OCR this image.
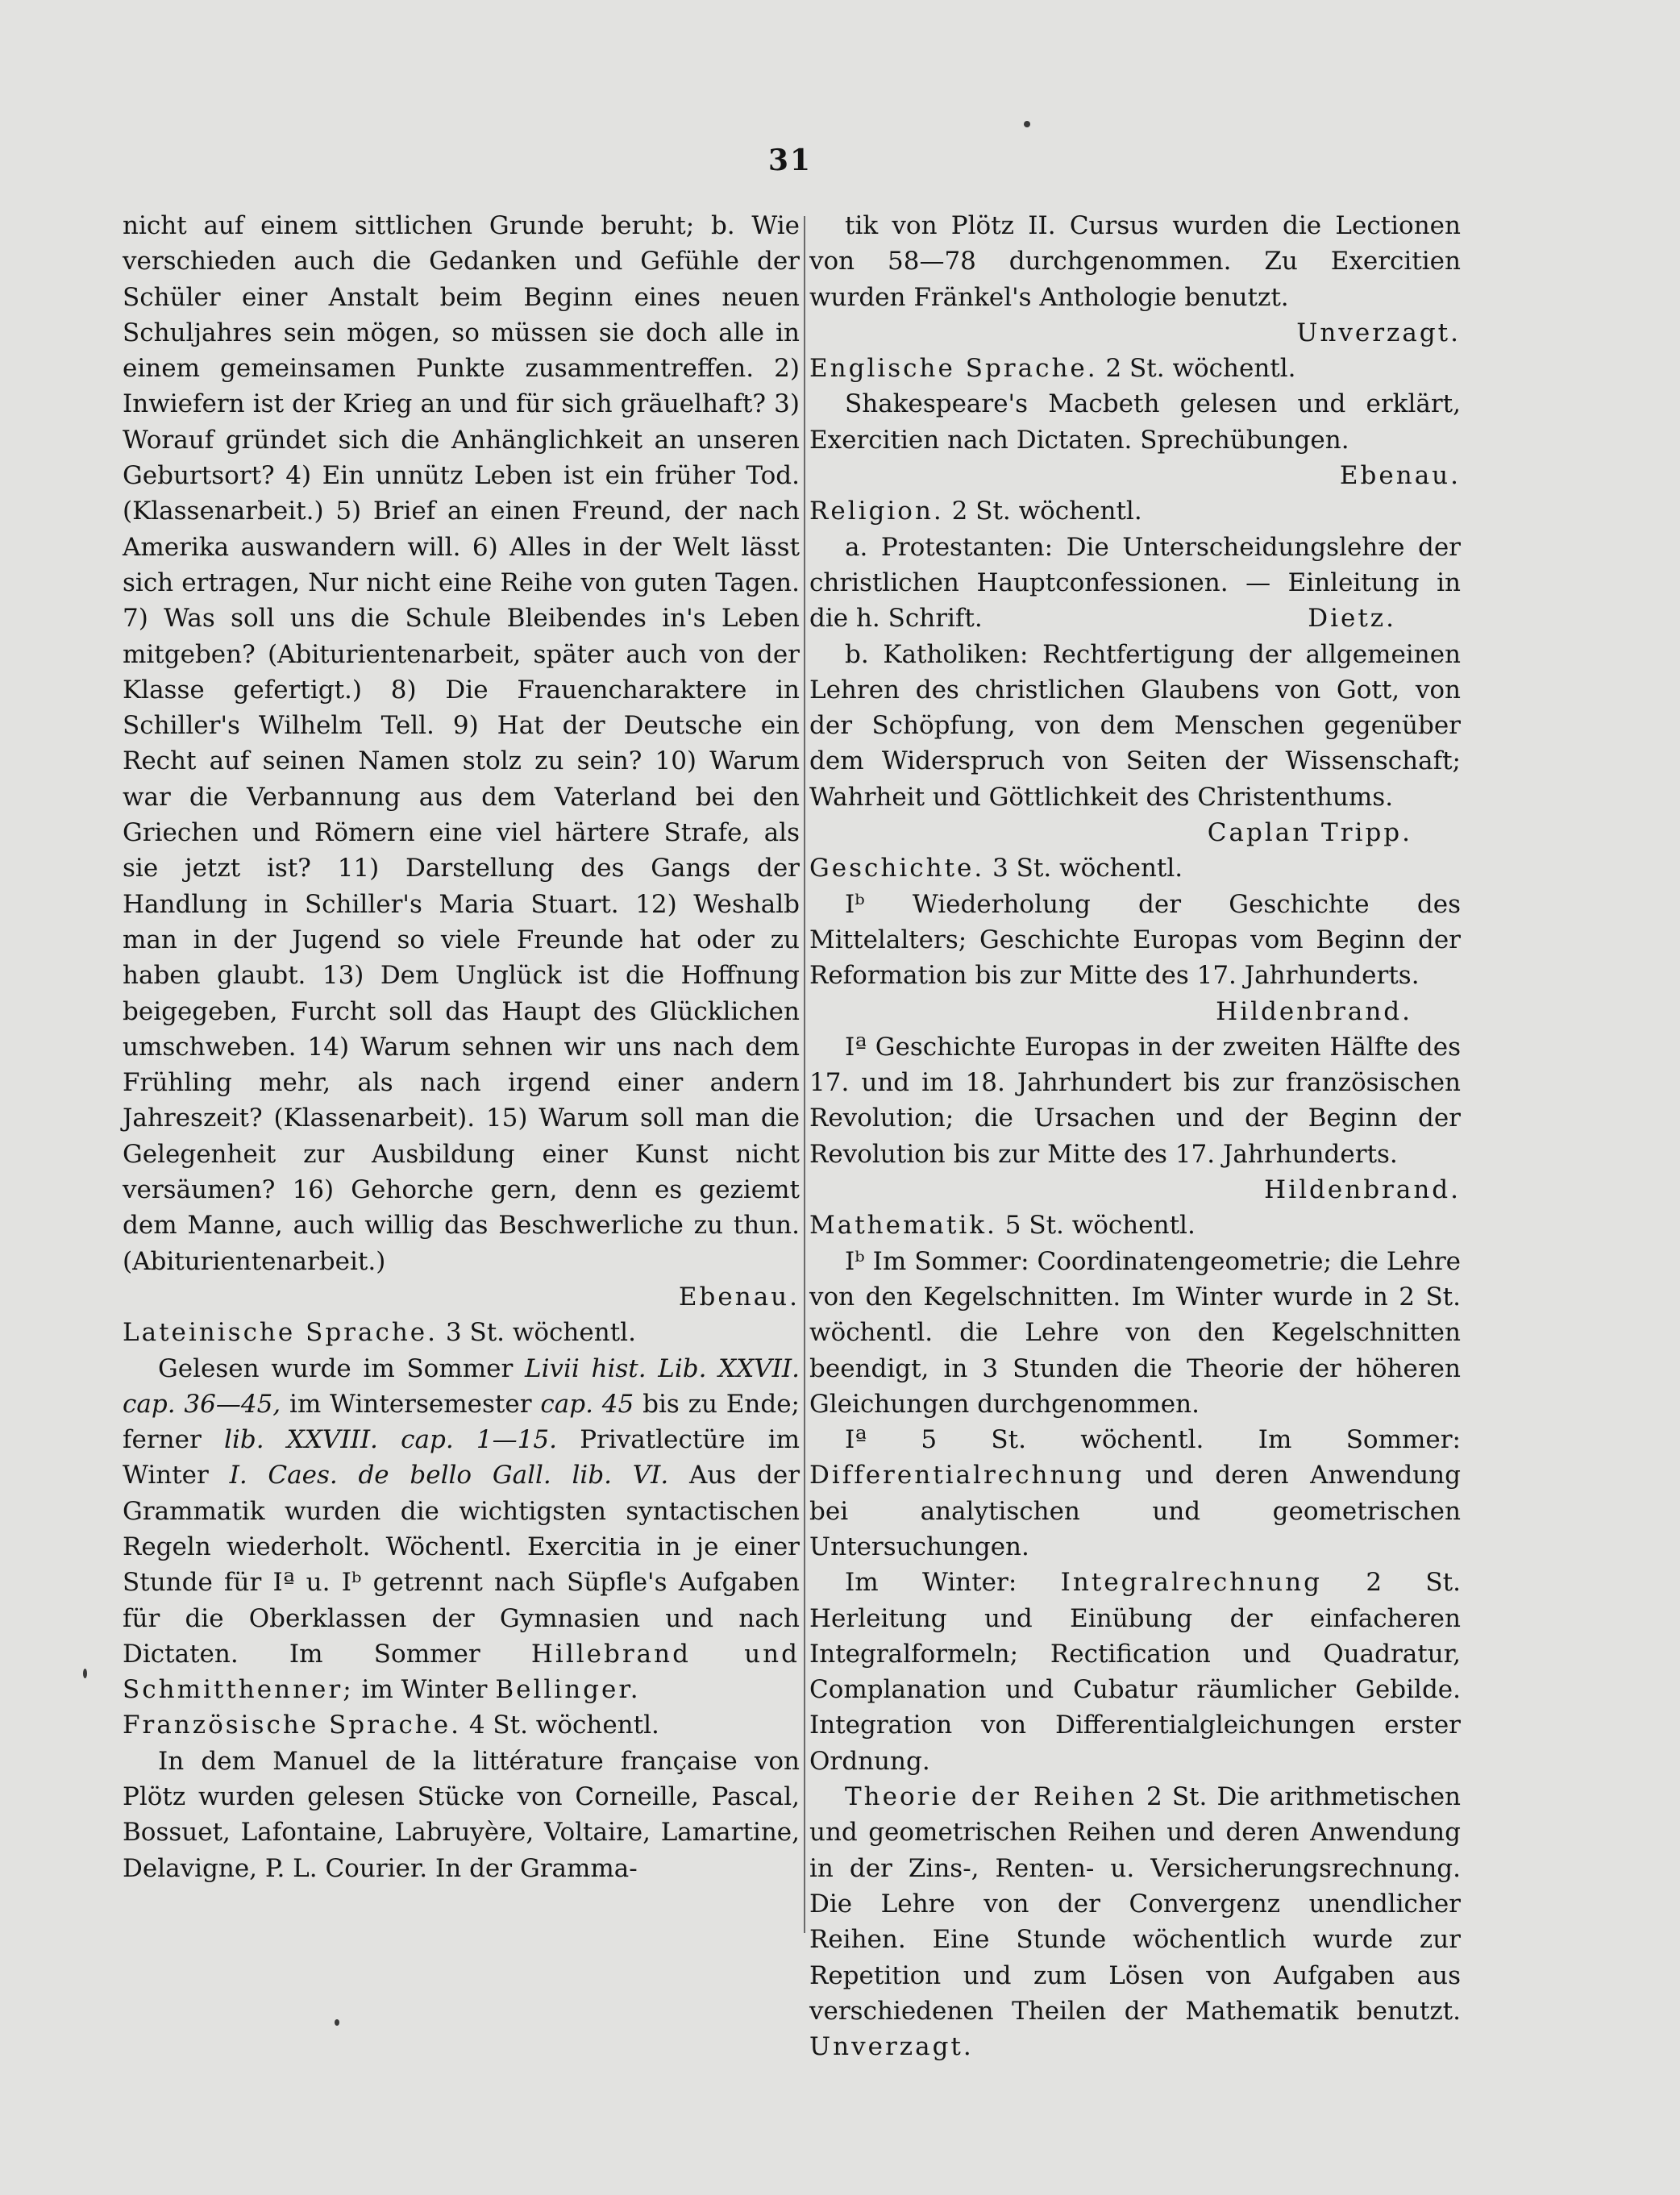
31

nicht auf einem sittlichen Grunde beruht; b. Wie verschieden auch die Gedanken und Gefühle der Schüler einer Anstalt beim Beginn eines neuen Schuljahres sein mögen, so müssen sie doch alle in einem gemeinsamen Punkte zusammentreffen. 2) Inwiefern ist der Krieg an und für sich gräuelhaft? 3) Worauf gründet sich die Anhänglichkeit an unseren Geburtsort? 4) Ein unnütz Leben ist ein früher Tod. (Klassenarbeit.) 5) Brief an einen Freund, der nach Amerika auswandern will. 6) Alles in der Welt lässt sich ertragen, Nur nicht eine Reihe von guten Tagen. 7) Was soll uns die Schule Bleibendes in's Leben mitgeben? (Abiturientenarbeit, später auch von der Klasse gefertigt.) 8) Die Frauencharaktere in Schiller's Wilhelm Tell. 9) Hat der Deutsche ein Recht auf seinen Namen stolz zu sein? 10) Warum war die Verbannung aus dem Vaterland bei den Griechen und Römern eine viel härtere Strafe, als sie jetzt ist? 11) Darstellung des Gangs der Handlung in Schiller's Maria Stuart. 12) Weshalb man in der Jugend so viele Freunde hat oder zu haben glaubt. 13) Dem Unglück ist die Hoffnung beigegeben, Furcht soll das Haupt des Glücklichen umschweben. 14) Warum sehnen wir uns nach dem Frühling mehr, als nach irgend einer andern Jahreszeit? (Klassenarbeit). 15) Warum soll man die Gelegenheit zur Ausbildung einer Kunst nicht versäumen? 16) Gehorche gern, denn es geziemt dem Manne, auch willig das Beschwerliche zu thun. (Abiturientenarbeit.)

Ebenau.

Lateinische Sprache. 3 St. wöchentl.

Gelesen wurde im Sommer Livii hist. Lib. XXVII. cap. 36—45, im Wintersemester cap. 45 bis zu Ende; ferner lib. XXVIII. cap. 1—15. Privatlectüre im Winter I. Caes. de bello Gall. lib. VI. Aus der Grammatik wurden die wichtigsten syntactischen Regeln wiederholt. Wöchentl. Exercitia in je einer Stunde für Iª u. Iᵇ getrennt nach Süpfle's Aufgaben für die Oberklassen der Gymnasien und nach Dictaten. Im Sommer Hillebrand und Schmitthenner; im Winter Bellinger.

Französische Sprache. 4 St. wöchentl.

In dem Manuel de la littérature française von Plötz wurden gelesen Stücke von Corneille, Pascal, Bossuet, Lafontaine, Labruyère, Voltaire, Lamartine, Delavigne, P. L. Courier. In der Gramma-

tik von Plötz II. Cursus wurden die Lectionen von 58—78 durchgenommen. Zu Exercitien wurden Fränkel's Anthologie benutzt.

Unverzagt.

Englische Sprache. 2 St. wöchentl.

Shakespeare's Macbeth gelesen und erklärt, Exercitien nach Dictaten. Sprechübungen.

Ebenau.

Religion. 2 St. wöchentl.

a. Protestanten: Die Unterscheidungslehre der christlichen Hauptconfessionen. — Einleitung in die h. Schrift.	Dietz.

b. Katholiken: Rechtfertigung der allgemeinen Lehren des christlichen Glaubens von Gott, von der Schöpfung, von dem Menschen gegenüber dem Widerspruch von Seiten der Wissenschaft; Wahrheit und Göttlichkeit des Christenthums.

Caplan Tripp.

Geschichte. 3 St. wöchentl.

Iᵇ Wiederholung der Geschichte des Mittelalters; Geschichte Europas vom Beginn der Reformation bis zur Mitte des 17. Jahrhunderts.

Hildenbrand.

Iª Geschichte Europas in der zweiten Hälfte des 17. und im 18. Jahrhundert bis zur französischen Revolution; die Ursachen und der Beginn der Revolution bis zur Mitte des 17. Jahrhunderts.

Hildenbrand.

Mathematik. 5 St. wöchentl.

Iᵇ Im Sommer: Coordinatengeometrie; die Lehre von den Kegelschnitten. Im Winter wurde in 2 St. wöchentl. die Lehre von den Kegelschnitten beendigt, in 3 Stunden die Theorie der höheren Gleichungen durchgenommen.

Iª 5 St. wöchentl. Im Sommer: Differentialrechnung und deren Anwendung bei analytischen und geometrischen Untersuchungen.

Im Winter: Integralrechnung 2 St. Herleitung und Einübung der einfacheren Integralformeln; Rectification und Quadratur, Complanation und Cubatur räumlicher Gebilde. Integration von Differentialgleichungen erster Ordnung.

Theorie der Reihen 2 St. Die arithmetischen und geometrischen Reihen und deren Anwendung in der Zins-, Renten- u. Versicherungsrechnung. Die Lehre von der Convergenz unendlicher Reihen. Eine Stunde wöchentlich wurde zur Repetition und zum Lösen von Aufgaben aus verschiedenen Theilen der Mathematik benutzt. Unverzagt.
